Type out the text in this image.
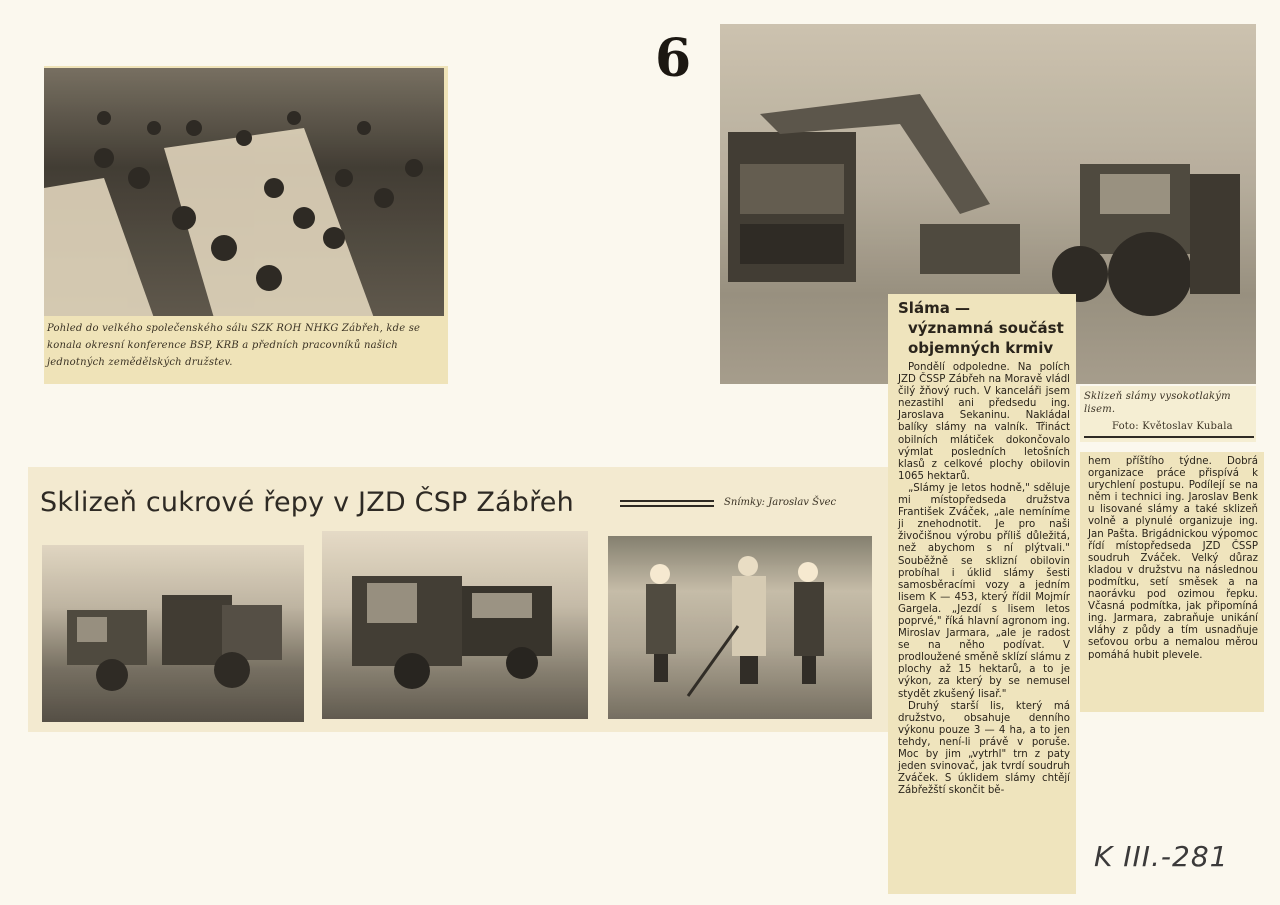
6
Pohled do velkého společenského sálu SZK ROH NHKG Zábřeh, kde se konala okresní konference BSP, KRB a předních pracovníků našich jednotných zemědělských družstev.
Sklizeň slámy vysokotlakým lisem.
Foto: Květoslav Kubala
Sklizeň cukrové řepy v JZD ČSP Zábřeh	Snímky: Jaroslav Švec
Sláma —
významná součást
objemných krmiv

Pondělí odpoledne. Na polích JZD ČSSP Zábřeh na Moravě vládl čilý žňový ruch. V kanceláři jsem nezastihl ani předsedu ing. Jaroslava Sekaninu. Nakládal balíky slámy na valník. Třináct obilních mlátiček dokončovalo výmlat posledních letošních klasů z celkové plochy obilovin 1065 hektarů.

„Slámy je letos hodně," sděluje mi místopředseda družstva František Zváček, „ale nemíníme ji znehodnotit. Je pro naši živočišnou výrobu příliš důležitá, než abychom s ní plýtvali." Souběžně se sklizní obilovin probíhal i úklid slámy šesti samosběracími vozy a jedním lisem K — 453, který řídil Mojmír Gargela. „Jezdí s lisem letos poprvé," říká hlavní agronom ing. Miroslav Jarmara, „ale je radost se na něho podívat. V prodloužené směně sklízí slámu z plochy až 15 hektarů, a to je výkon, za který by se nemusel stydět zkušený lisař."

Druhý starší lis, který má družstvo, obsahuje denního výkonu pouze 3 — 4 ha, a to jen tehdy, není-li právě v poruše. Moc by jim „vytrhl" trn z paty jeden svinovač, jak tvrdí soudruh Zváček. S úklidem slámy chtějí Zábřežští skončit bě-

hem příštího týdne. Dobrá organizace práce přispívá k urychlení postupu. Podílejí se na něm i technici ing. Jaroslav Benk u lisované slámy a také sklizeň volně a plynulé organizuje ing. Jan Pašta. Brigádnickou výpomoc řídí místopředseda JZD ČSSP soudruh Zváček. Velký důraz kladou v družstvu na následnou podmítku, setí směsek a na naorávku pod ozimou řepku. Včasná podmítka, jak připomíná ing. Jarmara, zabraňuje unikání vláhy z půdy a tím usnadňuje seťovou orbu a nemalou měrou pomáhá hubit plevele.

K III.-281
